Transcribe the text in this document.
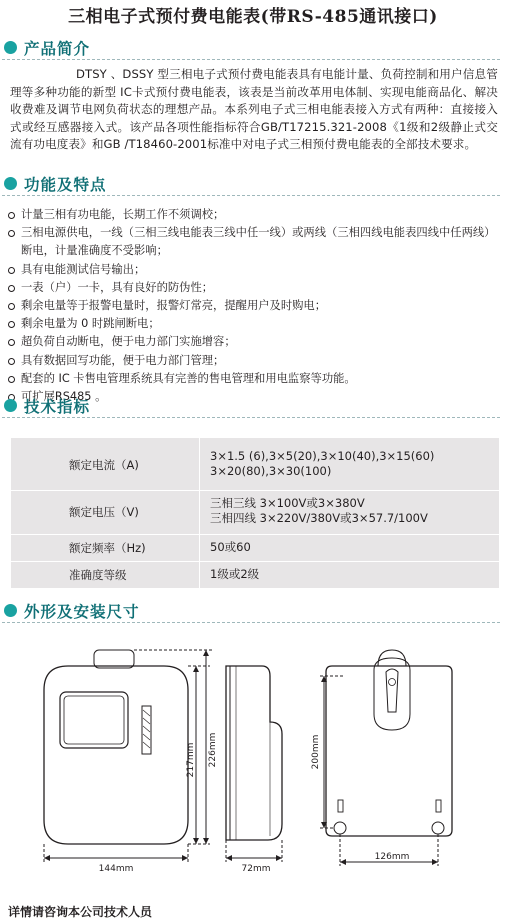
三相电子式预付费电能表(带RS-485通讯接口)
产品简介

DTSY 、DSSY 型三相电子式预付费电能表具有电能计量、负荷控制和用户信息管理等多种功能的新型 IC卡式预付费电能表，该表是当前改革用电体制、实现电能商品化、解决收费难及调节电网负荷状态的理想产品。本系列电子式三相电能表接入方式有两种：直接接入式或经互感器接入式。该产品各项性能指标符合GB/T17215.321-2008《1级和2级静止式交流有功电度表》和GB /T18460-2001标准中对电子式三相预付费电能表的全部技术要求。

功能及特点
计量三相有功电能，长期工作不须调校；
三相电源供电，一线（三相三线电能表三线中任一线）或两线（三相四线电能表四线中任两线）断电，计量准确度不受影响；
具有电能测试信号输出；
一表（户）一卡，具有良好的防伪性；
剩余电量等于报警电量时，报警灯常亮，提醒用户及时购电；
剩余电量为 0 时跳闸断电；
超负荷自动断电，便于电力部门实施增容；
具有数据回写功能，便于电力部门管理；
配套的 IC 卡售电管理系统具有完善的售电管理和用电监察等功能。
可扩展RS485 。
技术指标
额定电流（A)
3×1.5 (6),3×5(20),3×10(40),3×15(60)
3×20(80),3×30(100)
额定电压（V)
三相三线 3×100V或3×380V
三相四线 3×220V/380V或3×57.7/100V
额定频率（Hz)	50或60
准确度等级	1级或2级
外形及安装尺寸
144mm
217mm 226mm
72mm
200mm
126mm
详情请咨询本公司技术人员
